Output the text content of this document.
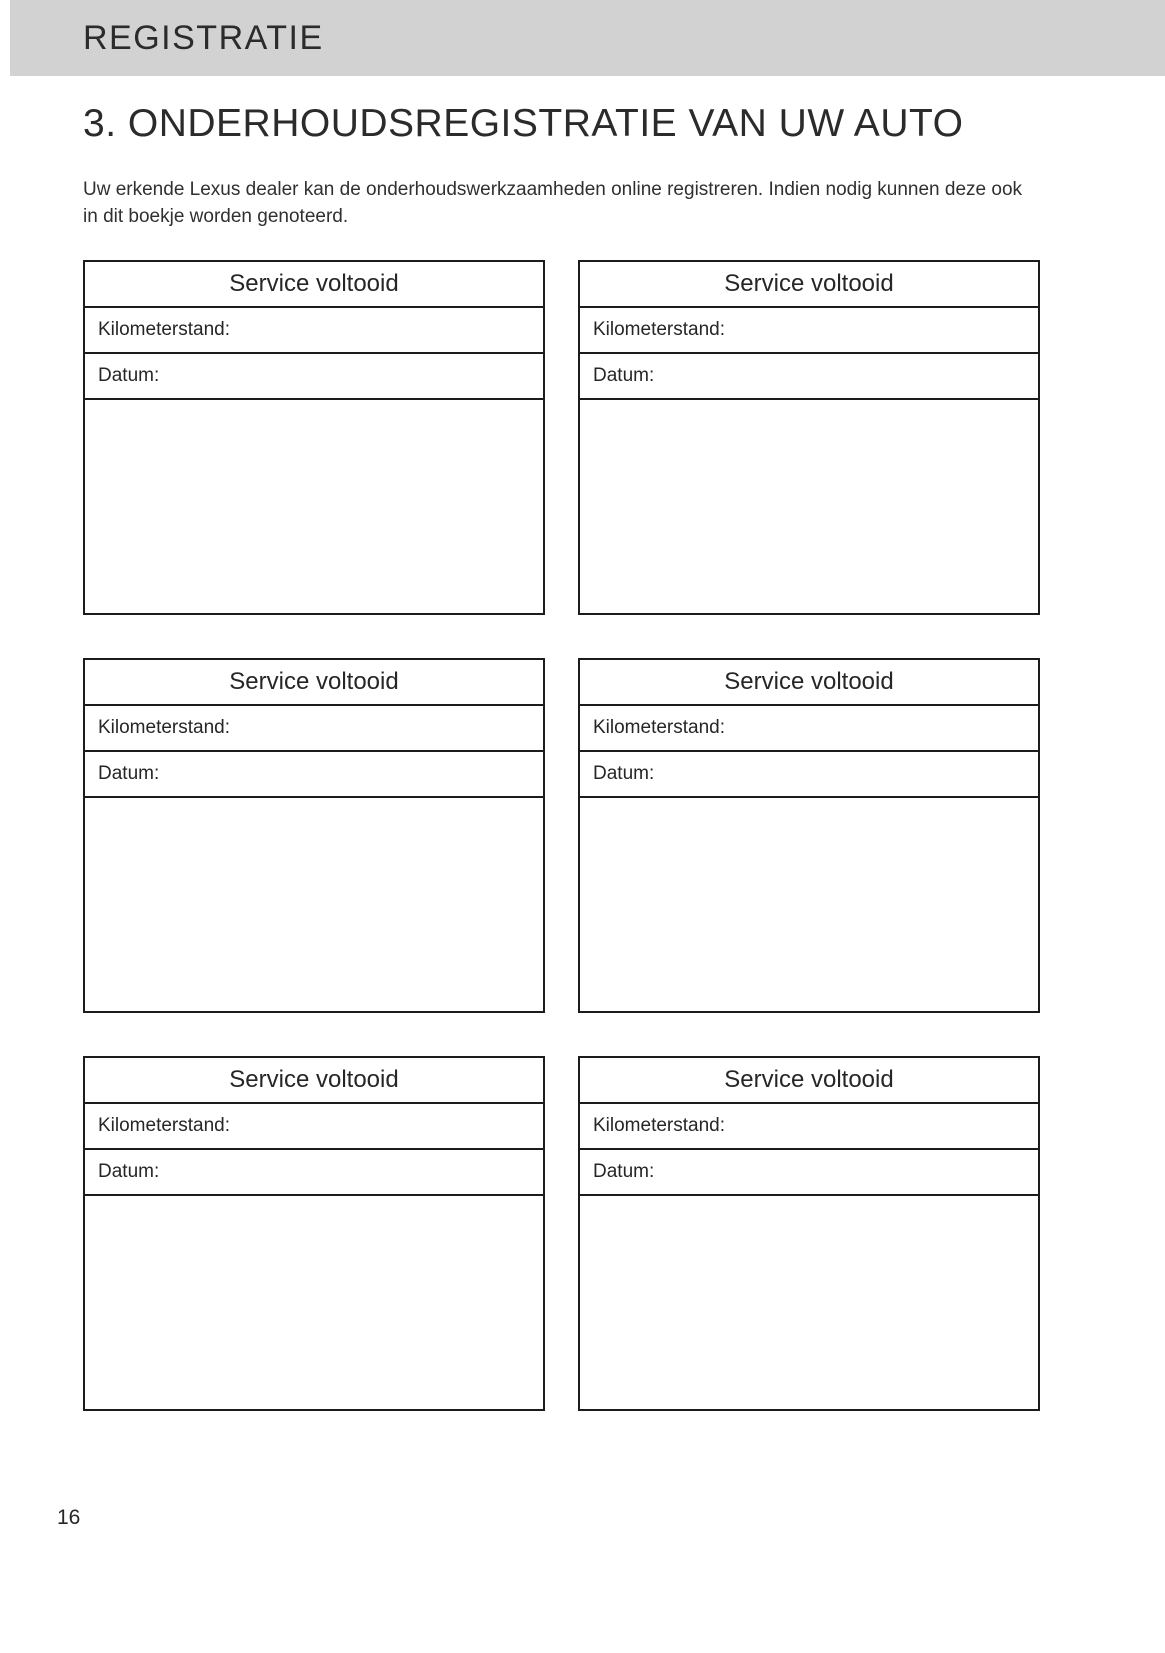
REGISTRATIE
3. ONDERHOUDSREGISTRATIE VAN UW AUTO
Uw erkende Lexus dealer kan de onderhoudswerkzaamheden online registreren. Indien nodig kunnen deze ook in dit boekje worden genoteerd.
Service voltooid
Kilometerstand:
Datum:
Service voltooid
Kilometerstand:
Datum:
Service voltooid
Kilometerstand:
Datum:
Service voltooid
Kilometerstand:
Datum:
Service voltooid
Kilometerstand:
Datum:
Service voltooid
Kilometerstand:
Datum:
16
